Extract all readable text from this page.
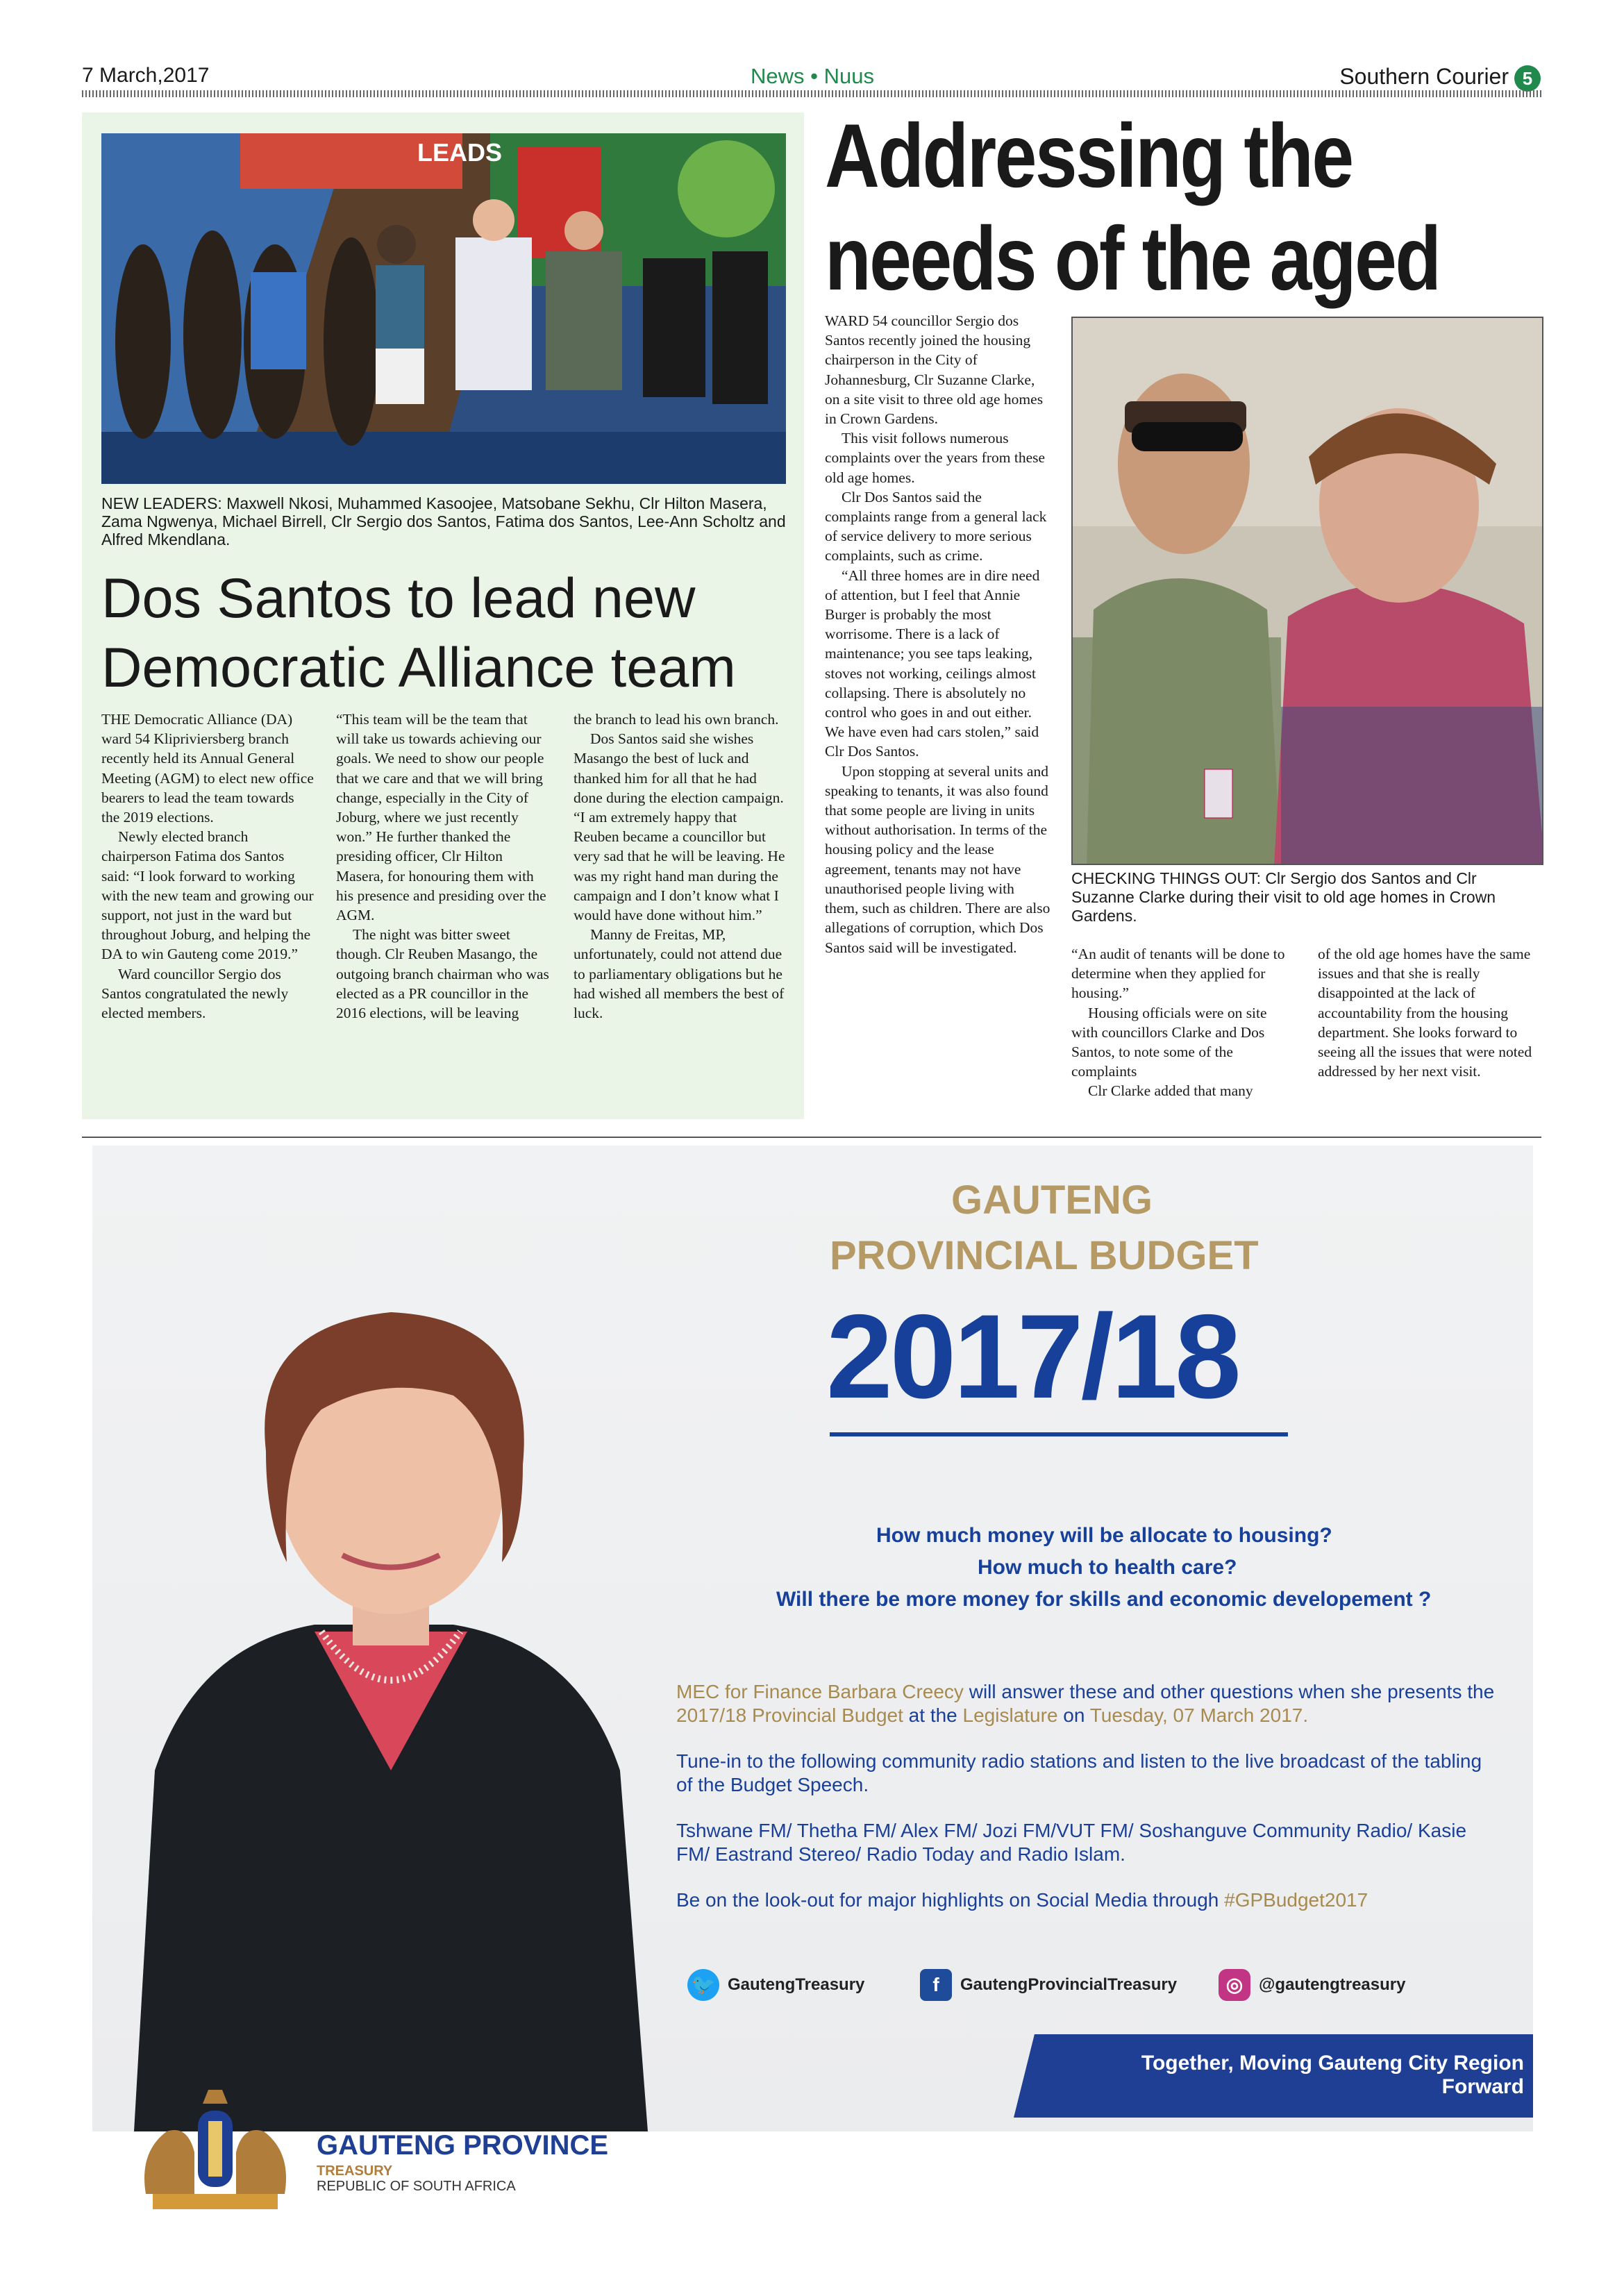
7 March,2017	News • Nuus	Southern Courier 5
LEADS
NEW LEADERS: Maxwell Nkosi, Muhammed Kasoojee, Matsobane Sekhu, Clr Hilton Masera, Zama Ngwenya, Michael Birrell, Clr Sergio dos Santos, Fatima dos Santos, Lee-Ann Scholtz and Alfred Mkendlana.
Dos Santos to lead new
Democratic Alliance team

THE Democratic Alliance (DA) ward 54 Klipriviersberg branch recently held its Annual General Meeting (AGM) to elect new office bearers to lead the team towards the 2019 elections.

Newly elected branch chairperson Fatima dos Santos said: “I look forward to working with the new team and growing our support, not just in the ward but throughout Joburg, and helping the DA to win Gauteng come 2019.”

Ward councillor Sergio dos Santos congratulated the newly elected members.

“This team will be the team that will take us towards achieving our goals. We need to show our people that we care and that we will bring change, especially in the City of Joburg, where we just recently won.” He further thanked the presiding officer, Clr Hilton Masera, for honouring them with his presence and presiding over the AGM.

The night was bitter sweet though. Clr Reuben Masango, the outgoing branch chairman who was elected as a PR councillor in the 2016 elections, will be leaving

the branch to lead his own branch.

Dos Santos said she wishes Masango the best of luck and thanked him for all that he had done during the election campaign. “I am extremely happy that Reuben became a councillor but very sad that he will be leaving. He was my right hand man during the campaign and I don’t know what I would have done without him.”

Manny de Freitas, MP, unfortunately, could not attend due to parliamentary obligations but he had wished all members the best of luck.

Addressing the
needs of the aged

WARD 54 councillor Sergio dos Santos recently joined the housing chairperson in the City of Johannesburg, Clr Suzanne Clarke, on a site visit to three old age homes in Crown Gardens.

This visit follows numerous complaints over the years from these old age homes.

Clr Dos Santos said the complaints range from a general lack of service delivery to more serious complaints, such as crime.

“All three homes are in dire need of attention, but I feel that Annie Burger is probably the most worrisome. There is a lack of maintenance; you see taps leaking, stoves not working, ceilings almost collapsing. There is absolutely no control who goes in and out either. We have even had cars stolen,” said Clr Dos Santos.

Upon stopping at several units and speaking to tenants, it was also found that some people are living in units without authorisation. In terms of the housing policy and the lease agreement, tenants may not have unauthorised people living with them, such as children. There are also allegations of corruption, which Dos Santos said will be investigated.

CHECKING THINGS OUT: Clr Sergio dos Santos and Clr Suzanne Clarke during their visit to old age homes in Crown Gardens.

“An audit of tenants will be done to determine when they applied for housing.”

Housing officials were on site with councillors Clarke and Dos Santos, to note some of the complaints

Clr Clarke added that many

of the old age homes have the same issues and that she is really disappointed at the lack of accountability from the housing department. She looks forward to seeing all the issues that were noted addressed by her next visit.

GAUTENG
PROVINCIAL BUDGET
2017/18
How much money will be allocate to housing?
How much to health care?
Will there be more money for skills and economic developement ?
MEC for Finance Barbara Creecy will answer these and other questions when she presents the 2017/18 Provincial Budget at the Legislature on Tuesday, 07 March 2017.
Tune-in to the following community radio stations and listen to the live broadcast of the tabling of the Budget Speech.
Tshwane FM/ Thetha FM/ Alex FM/ Jozi FM/VUT FM/ Soshanguve Community Radio/ Kasie FM/ Eastrand Stereo/ Radio Today and Radio Islam.
Be on the look-out for major highlights on Social Media through #GPBudget2017
🐦 GautengTreasury	f	GautengProvincialTreasury	◎ @gautengtreasury
Together, Moving Gauteng City Region Forward
GAUTENG PROVINCE
TREASURY
REPUBLIC OF SOUTH AFRICA
